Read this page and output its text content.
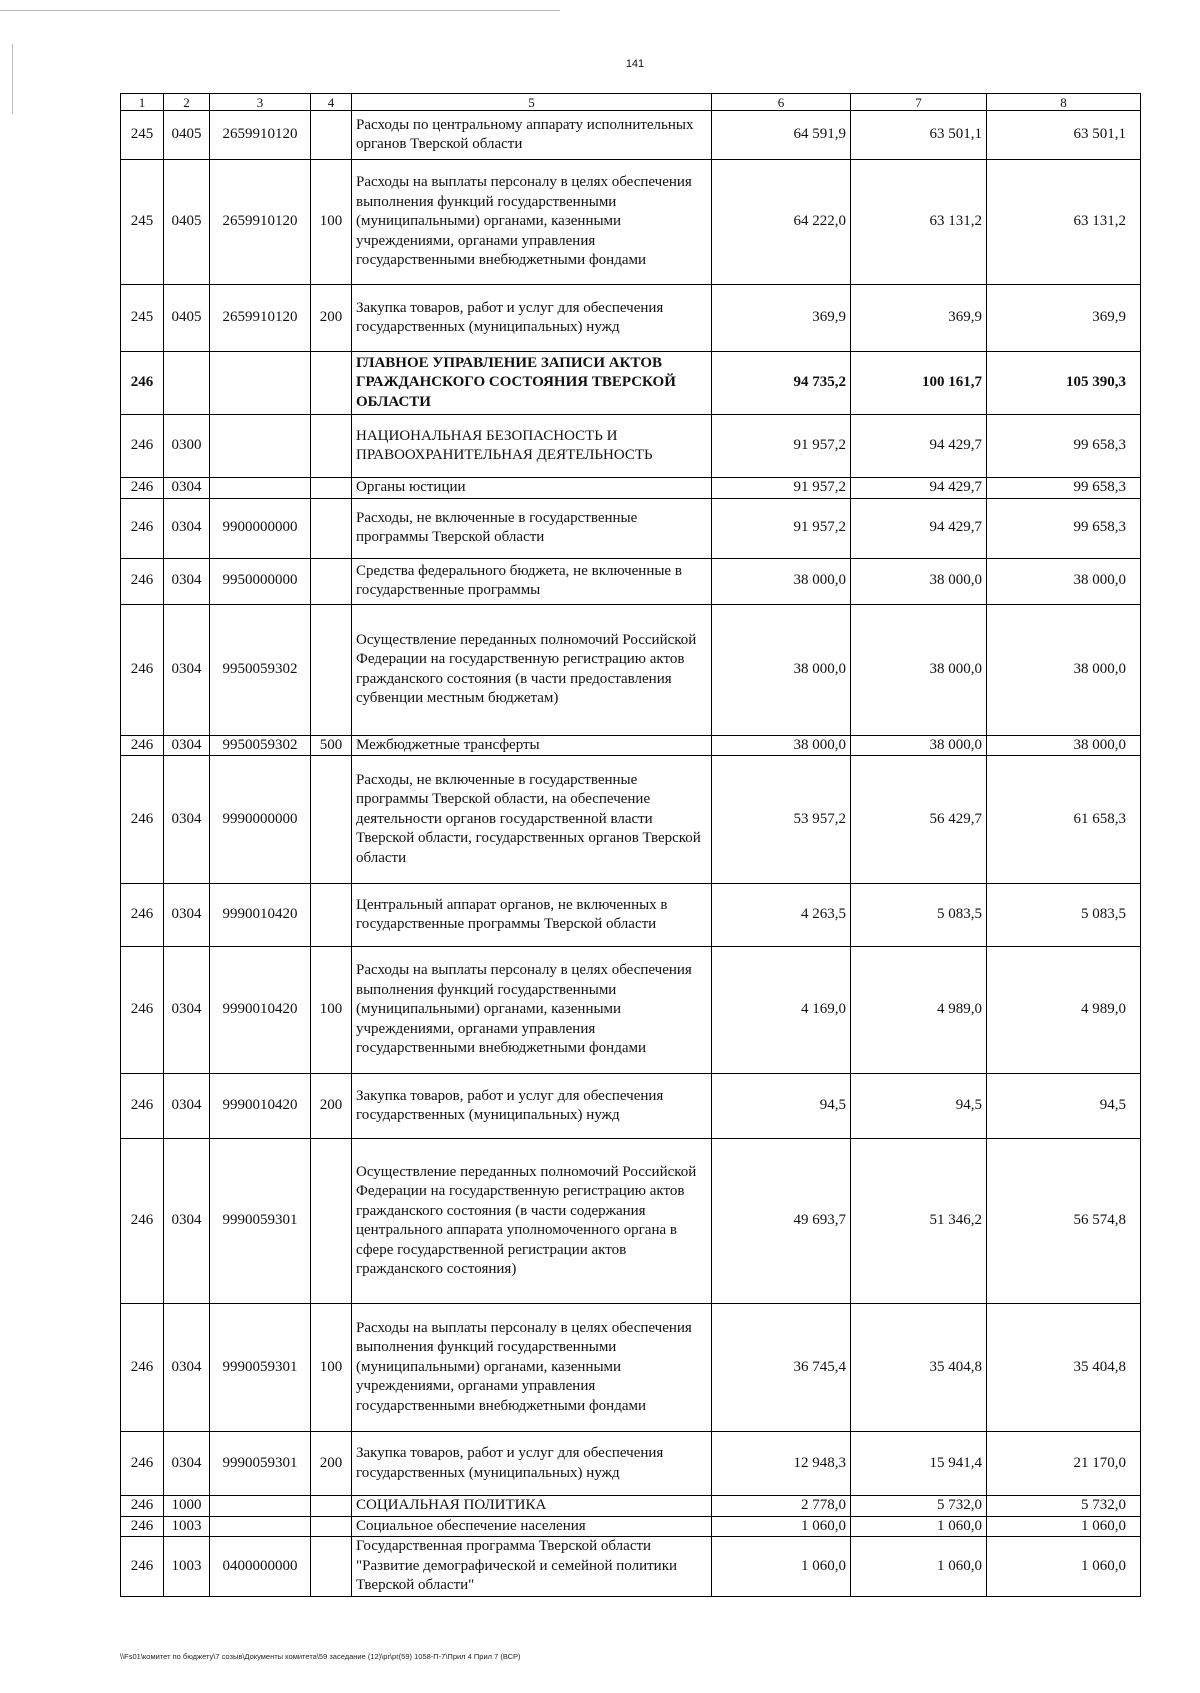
141
1	2	3	4	5	6	7	8
245	0405	2659910120		Расходы по центральному аппарату исполнительных органов Тверской области	64 591,9	63 501,1	63 501,1
245	0405	2659910120	100	Расходы на выплаты персоналу в целях обеспечения выполнения функций государственными (муниципальными) органами, казенными учреждениями, органами управления государственными внебюджетными фондами	64 222,0	63 131,2	63 131,2
245	0405	2659910120	200	Закупка товаров, работ и услуг для обеспечения государственных (муниципальных) нужд	369,9	369,9	369,9
246				ГЛАВНОЕ УПРАВЛЕНИЕ ЗАПИСИ АКТОВ ГРАЖДАНСКОГО СОСТОЯНИЯ ТВЕРСКОЙ ОБЛАСТИ	94 735,2	100 161,7	105 390,3
246	0300			НАЦИОНАЛЬНАЯ БЕЗОПАСНОСТЬ И ПРАВООХРАНИТЕЛЬНАЯ ДЕЯТЕЛЬНОСТЬ	91 957,2	94 429,7	99 658,3
246	0304			Органы юстиции	91 957,2	94 429,7	99 658,3
246	0304	9900000000		Расходы, не включенные в государственные программы Тверской области	91 957,2	94 429,7	99 658,3
246	0304	9950000000		Средства федерального бюджета, не включенные в государственные программы	38 000,0	38 000,0	38 000,0
246	0304	9950059302		Осуществление переданных полномочий Российской Федерации на государственную регистрацию актов гражданского состояния (в части предоставления субвенции местным бюджетам)	38 000,0	38 000,0	38 000,0
246	0304	9950059302	500	Межбюджетные трансферты	38 000,0	38 000,0	38 000,0
246	0304	9990000000		Расходы, не включенные в государственные программы Тверской области, на обеспечение деятельности органов государственной власти Тверской области, государственных органов Тверской области	53 957,2	56 429,7	61 658,3
246	0304	9990010420		Центральный аппарат органов, не включенных в государственные программы Тверской области	4 263,5	5 083,5	5 083,5
246	0304	9990010420	100	Расходы на выплаты персоналу в целях обеспечения выполнения функций государственными (муниципальными) органами, казенными учреждениями, органами управления государственными внебюджетными фондами	4 169,0	4 989,0	4 989,0
246	0304	9990010420	200	Закупка товаров, работ и услуг для обеспечения государственных (муниципальных) нужд	94,5	94,5	94,5
246	0304	9990059301		Осуществление переданных полномочий Российской Федерации на государственную регистрацию актов гражданского состояния (в части содержания центрального аппарата уполномоченного органа в сфере государственной регистрации актов гражданского состояния)	49 693,7	51 346,2	56 574,8
246	0304	9990059301	100	Расходы на выплаты персоналу в целях обеспечения выполнения функций государственными (муниципальными) органами, казенными учреждениями, органами управления государственными внебюджетными фондами	36 745,4	35 404,8	35 404,8
246	0304	9990059301	200	Закупка товаров, работ и услуг для обеспечения государственных (муниципальных) нужд	12 948,3	15 941,4	21 170,0
246	1000			СОЦИАЛЬНАЯ ПОЛИТИКА	2 778,0	5 732,0	5 732,0
246	1003			Социальное обеспечение населения	1 060,0	1 060,0	1 060,0
246	1003	0400000000		Государственная программа Тверской области "Развитие демографической и семейной политики Тверской области"	1 060,0	1 060,0	1 060,0
\\Fs01\комитет по бюджету\7 созыв\Документы комитета\59 заседание (12)\pr\pr(59) 1058-П-7\Прил 4 Прил 7 (ВСР)
